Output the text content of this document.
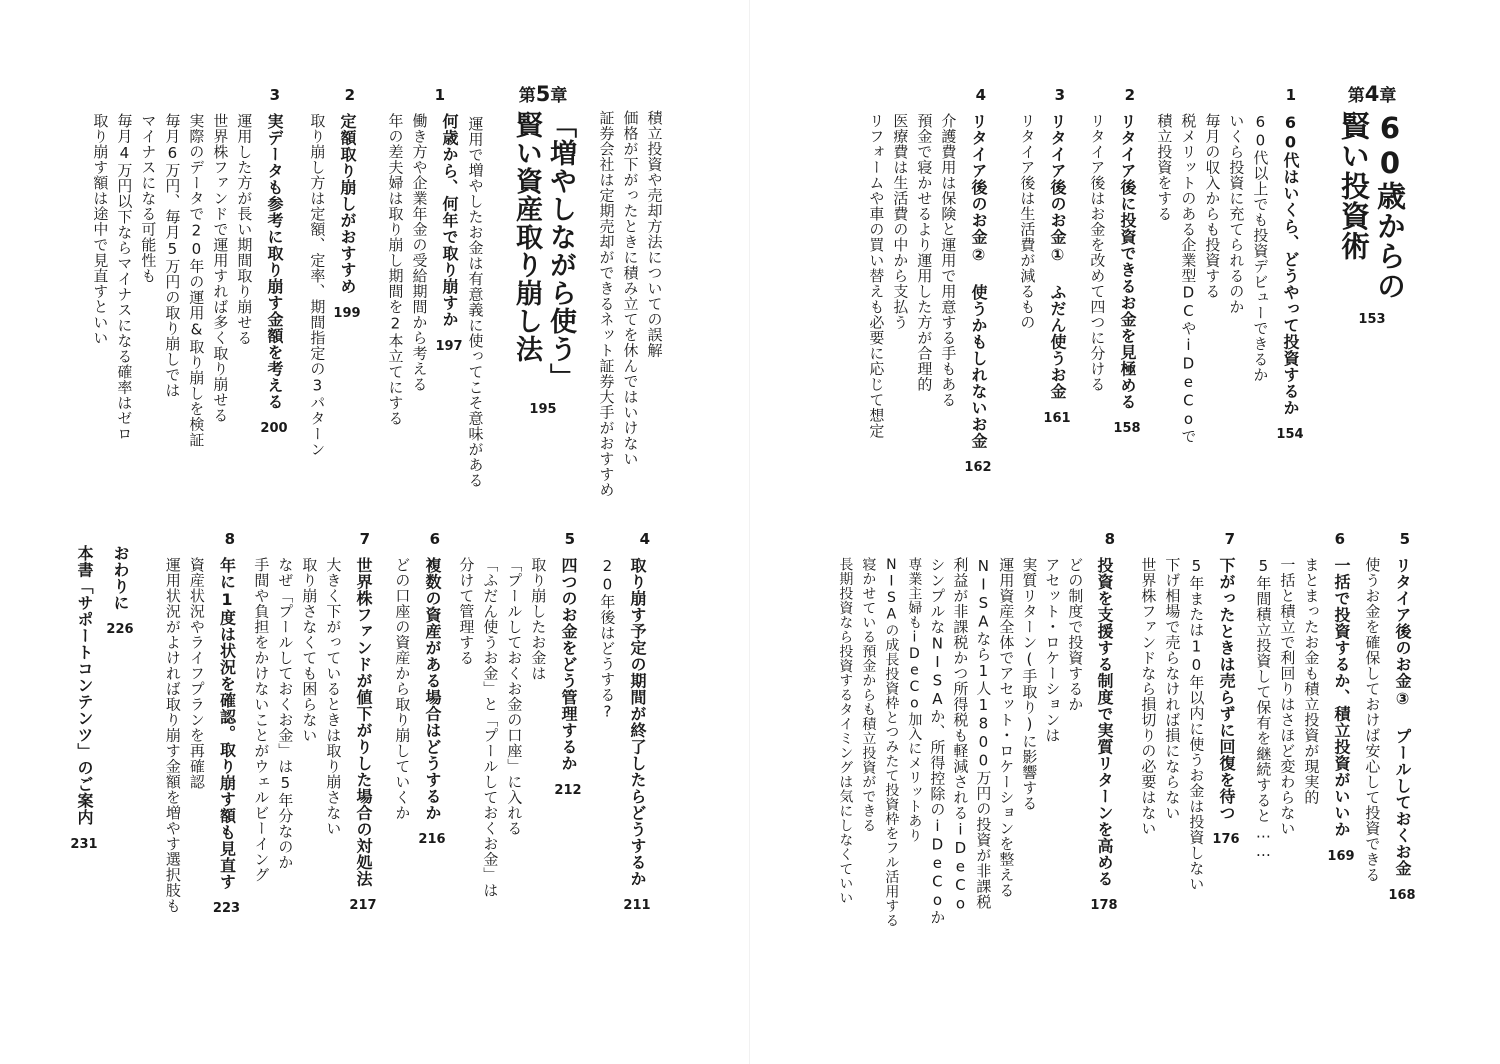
第4章
60歳からの
賢い投資術
153
1
60代はいくら、どうやって投資するか
154
60代以上でも投資デビューできるか
いくら投資に充てられるのか
毎月の収入からも投資する
税メリットのある企業型DCやiDeCoで
積立投資をする
2
リタイア後に投資できるお金を見極める
158
リタイア後はお金を改めて四つに分ける
3
リタイア後のお金① ふだん使うお金
161
リタイア後は生活費が減るもの
4
リタイア後のお金② 使うかもしれないお金
162
介護費用は保険と運用で用意する手もある
預金で寝かせるより運用した方が合理的
医療費は生活費の中から支払う
リフォームや車の買い替えも必要に応じて想定
積立投資や売却方法についての誤解
価格が下がったときに積み立てを休んではいけない
証券会社は定期売却ができるネット証券大手がおすすめ
第5章
「増やしながら使う」
賢い資産取り崩し法
195
運用で増やしたお金は有意義に使ってこそ意味がある
1
何歳から、何年で取り崩すか
197
働き方や企業年金の受給期間から考える
年の差夫婦は取り崩し期間を2本立てにする
2
定額取り崩しがおすすめ
199
取り崩し方は定額、定率、期間指定の3パターン
3
実データも参考に取り崩す金額を考える
200
運用した方が長い期間取り崩せる
世界株ファンドで運用すれば多く取り崩せる
実際のデータで20年の運用&取り崩しを検証
毎月6万円、毎月5万円の取り崩しでは
マイナスになる可能性も
毎月4万円以下ならマイナスになる確率はゼロ
取り崩す額は途中で見直すといい
5
リタイア後のお金③ プールしておくお金
168
使うお金を確保しておけば安心して投資できる
6
一括で投資するか、積立投資がいいか
169
まとまったお金も積立投資が現実的
一括と積立で利回りはさほど変わらない
5年間積立投資して保有を継続すると……
7
下がったときは売らずに回復を待つ
176
5年または10年以内に使うお金は投資しない
下げ相場で売らなければ損にならない
世界株ファンドなら損切りの必要はない
8
投資を支援する制度で実質リターンを高める
178
どの制度で投資するか
アセット・ロケーションは
実質リターン(手取り)に影響する
運用資産全体でアセット・ロケーションを整える
NISAなら1人1800万円の投資が非課税
利益が非課税かつ所得税も軽減されるiDeCo
シンプルなNISAか、所得控除のiDeCoか
専業主婦もiDeCo加入にメリットあり
NISAの成長投資枠とつみたて投資枠をフル活用する
寝かせている預金からも積立投資ができる
長期投資なら投資するタイミングは気にしなくていい
4
取り崩す予定の期間が終了したらどうするか
211
20年後はどうする?
5
四つのお金をどう管理するか
212
取り崩したお金は
「プールしておくお金の口座」に入れる
「ふだん使うお金」と「プールしておくお金」は
分けて管理する
6
複数の資産がある場合はどうするか
216
どの口座の資産から取り崩していくか
7
世界株ファンドが値下がりした場合の対処法
217
大きく下がっているときは取り崩さない
取り崩さなくても困らない
なぜ「プールしておくお金」は5年分なのか
手間や負担をかけないことがウェルビーイング
8
年に1度は状況を確認。取り崩す額も見直す
223
資産状況やライフプランを再確認
運用状況がよければ取り崩す金額を増やす選択肢も
おわりに
226
本書「サポートコンテンツ」のご案内
231
